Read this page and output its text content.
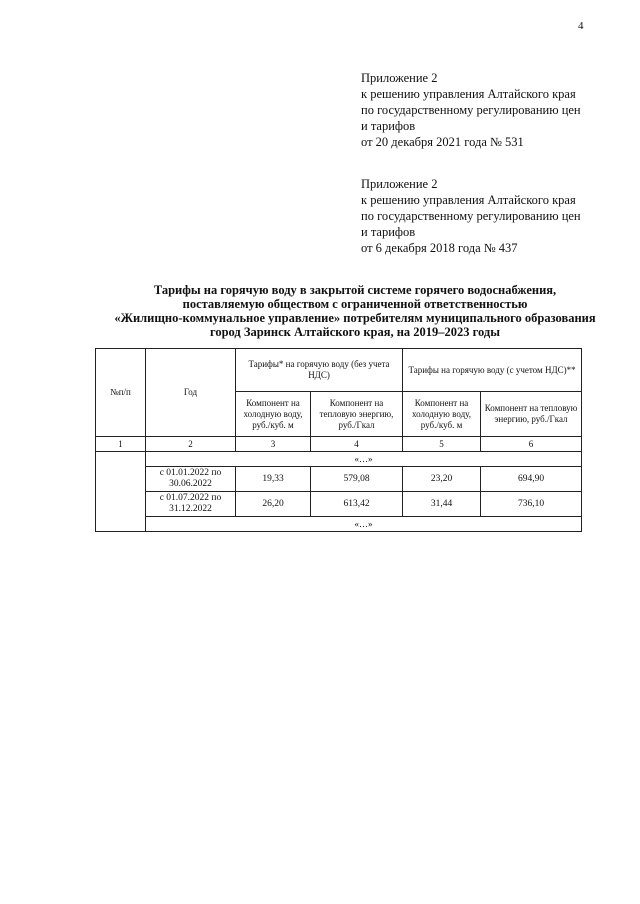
4
Приложение 2
к решению управления Алтайского края
по государственному регулированию цен
и тарифов
от 20 декабря 2021 года № 531
Приложение 2
к решению управления Алтайского края
по государственному регулированию цен
и тарифов
от 6 декабря 2018 года № 437
Тарифы на горячую воду в закрытой системе горячего водоснабжения,
поставляемую обществом с ограниченной ответственностью
«Жилищно-коммунальное управление» потребителям муниципального образования
город Заринск Алтайского края, на 2019–2023 годы
№п/п	Год	Тарифы* на горячую воду (без учета НДС)		Тарифы на горячую воду (с учетом НДС)**	
		Компонент на холодную воду, руб./куб. м	Компонент на тепловую энергию, руб./Гкал	Компонент на холодную воду, руб./куб. м	Компонент на тепловую энергию, руб./Гкал
1	2	3	4	5	6
	«…»				
	с 01.01.2022 по 30.06.2022	19,33	579,08	23,20	694,90
	с 01.07.2022 по 31.12.2022	26,20	613,42	31,44	736,10
	«…»				
